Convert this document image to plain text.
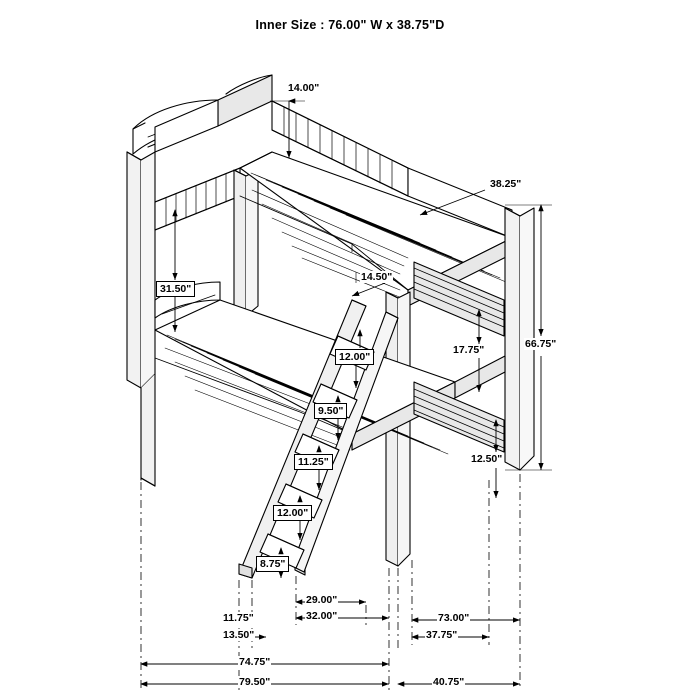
Inner Size : 76.00" W x 38.75"D
14.00"
38.25"
31.50"
14.50"
66.75"
17.75"
12.00"
9.50"
11.25"	12.50"
12.00"
8.75"
29.00"
32.00"
11.75"	73.00"
13.50"	37.75"
74.75"
79.50"	40.75"
